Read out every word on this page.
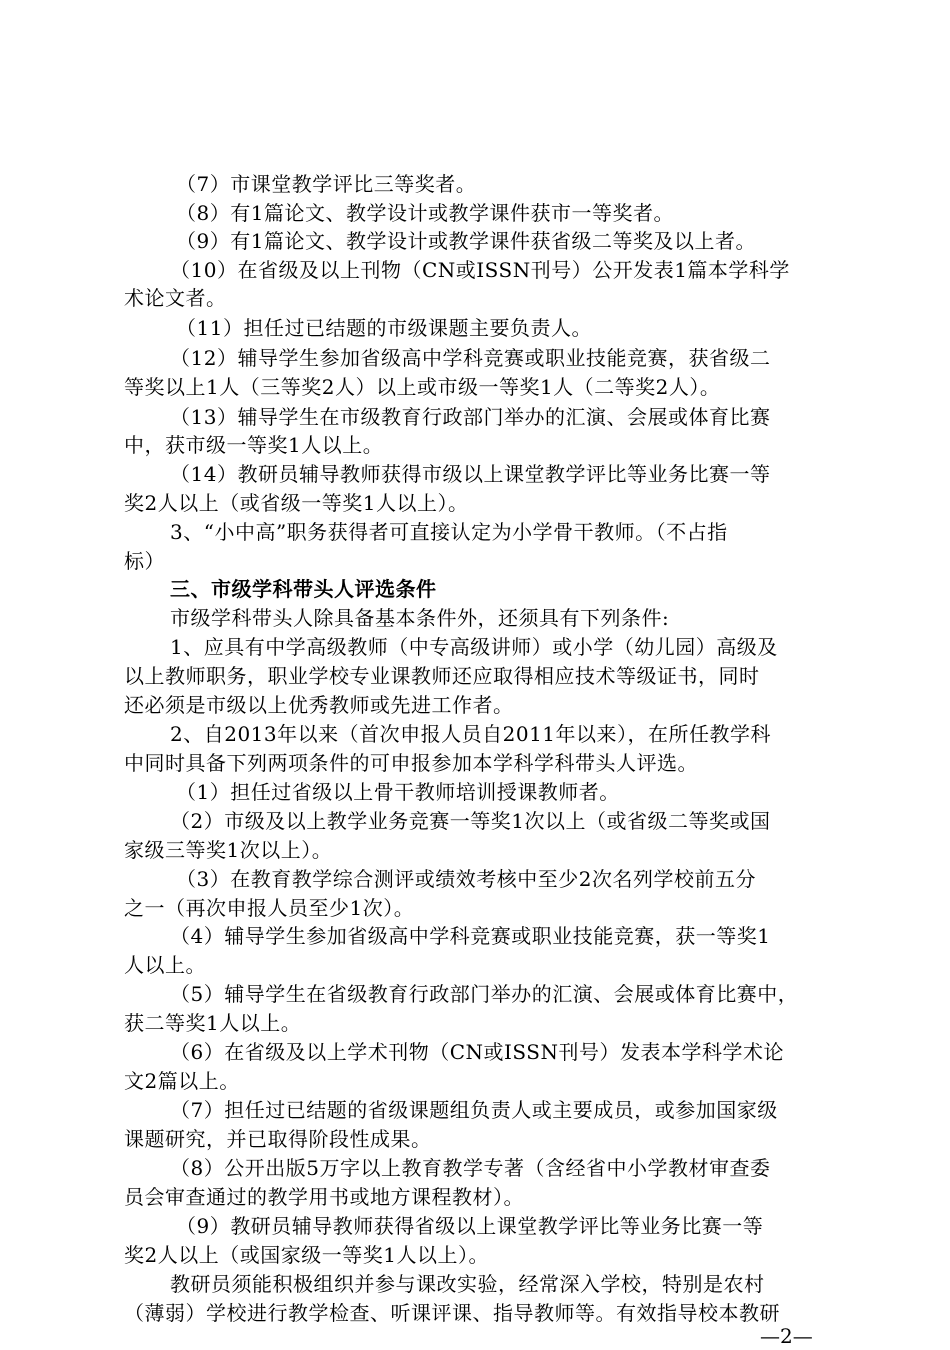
（7）市课堂教学评比三等奖者。
（8）有1篇论文、教学设计或教学课件获市一等奖者。
（9）有1篇论文、教学设计或教学课件获省级二等奖及以上者。
（10）在省级及以上刊物（CN或ISSN刊号）公开发表1篇本学科学
术论文者。
（11）担任过已结题的市级课题主要负责人。
（12）辅导学生参加省级高中学科竞赛或职业技能竞赛，获省级二
等奖以上1人（三等奖2人）以上或市级一等奖1人（二等奖2人）。
（13）辅导学生在市级教育行政部门举办的汇演、会展或体育比赛
中，获市级一等奖1人以上。
（14）教研员辅导教师获得市级以上课堂教学评比等业务比赛一等
奖2人以上（或省级一等奖1人以上）。
3、“小中高”职务获得者可直接认定为小学骨干教师。（不占指
标）
三、市级学科带头人评选条件
市级学科带头人除具备基本条件外，还须具有下列条件:
1、应具有中学高级教师（中专高级讲师）或小学（幼儿园）高级及
以上教师职务，职业学校专业课教师还应取得相应技术等级证书，同时
还必须是市级以上优秀教师或先进工作者。
2、自2013年以来（首次申报人员自2011年以来），在所任教学科
中同时具备下列两项条件的可申报参加本学科学科带头人评选。
（1）担任过省级以上骨干教师培训授课教师者。
（2）市级及以上教学业务竞赛一等奖1次以上（或省级二等奖或国
家级三等奖1次以上）。
（3）在教育教学综合测评或绩效考核中至少2次名列学校前五分
之一（再次申报人员至少1次）。
（4）辅导学生参加省级高中学科竞赛或职业技能竞赛，获一等奖1
人以上。
（5）辅导学生在省级教育行政部门举办的汇演、会展或体育比赛中，
获二等奖1人以上。
（6）在省级及以上学术刊物（CN或ISSN刊号）发表本学科学术论
文2篇以上。
（7）担任过已结题的省级课题组负责人或主要成员，或参加国家级
课题研究，并已取得阶段性成果。
（8）公开出版5万字以上教育教学专著（含经省中小学教材审查委
员会审查通过的教学用书或地方课程教材）。
（9）教研员辅导教师获得省级以上课堂教学评比等业务比赛一等
奖2人以上（或国家级一等奖1人以上）。
教研员须能积极组织并参与课改实验，经常深入学校，特别是农村
（薄弱）学校进行教学检查、听课评课、指导教师等。有效指导校本教研
—2—
